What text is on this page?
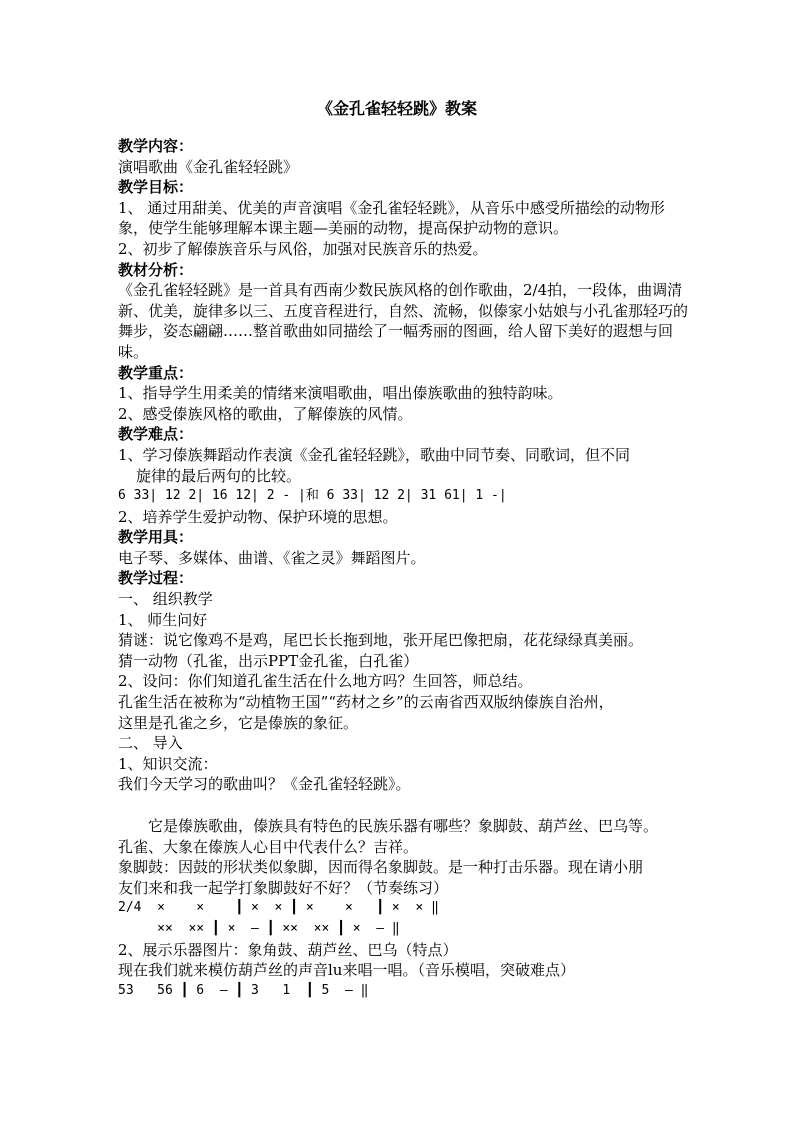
《金孔雀轻轻跳》教案
教学内容：
演唱歌曲《金孔雀轻轻跳》
教学目标：
1、 通过用甜美、优美的声音演唱《金孔雀轻轻跳》，从音乐中感受所描绘的动物形象，使学生能够理解本课主题—美丽的动物，提高保护动物的意识。
2、初步了解傣族音乐与风俗，加强对民族音乐的热爱。
教材分析：
《金孔雀轻轻跳》是一首具有西南少数民族风格的创作歌曲，2/4拍，一段体，曲调清新、优美，旋律多以三、五度音程进行，自然、流畅，似傣家小姑娘与小孔雀那轻巧的舞步，姿态翩翩……整首歌曲如同描绘了一幅秀丽的图画，给人留下美好的遐想与回味。
教学重点：
1、指导学生用柔美的情绪来演唱歌曲，唱出傣族歌曲的独特韵味。
2、感受傣族风格的歌曲，了解傣族的风情。
教学难点：
1、学习傣族舞蹈动作表演《金孔雀轻轻跳》，歌曲中同节奏、同歌词，但不同
旋律的最后两句的比较。
6 33| 12 2| 16 12| 2 - |和 6 33| 12 2| 31 61| 1 -|
2、培养学生爱护动物、保护环境的思想。
教学用具：
电子琴、多媒体、曲谱、《雀之灵》舞蹈图片。
教学过程：
一、 组织教学
1、 师生问好
猜谜：说它像鸡不是鸡，尾巴长长拖到地，张开尾巴像把扇，花花绿绿真美丽。
猜一动物（孔雀，出示PPT金孔雀，白孔雀）
2、设问：你们知道孔雀生活在什么地方吗？生回答，师总结。
孔雀生活在被称为“动植物王国”“药材之乡”的云南省西双版纳傣族自治州，
这里是孔雀之乡，它是傣族的象征。
二、 导入
1、知识交流：
我们今天学习的歌曲叫？《金孔雀轻轻跳》。
它是傣族歌曲，傣族具有特色的民族乐器有哪些？象脚鼓、葫芦丝、巴乌等。
孔雀、大象在傣族人心目中代表什么？吉祥。
象脚鼓：因鼓的形状类似象脚，因而得名象脚鼓。是一种打击乐器。现在请小朋
友们来和我一起学打象脚鼓好不好？（节奏练习）
2/4  ×    ×    ┃ ×  × ┃ ×    ×   ┃ ×  × ‖
××  ×× ┃ ×  — ┃ ××  ×× ┃ ×  — ‖
2、展示乐器图片：象角鼓、葫芦丝、巴乌（特点）
现在我们就来模仿葫芦丝的声音lu来唱一唱。（音乐模唱，突破难点）
53   56 ┃ 6  — ┃ 3   1  ┃ 5  — ‖
